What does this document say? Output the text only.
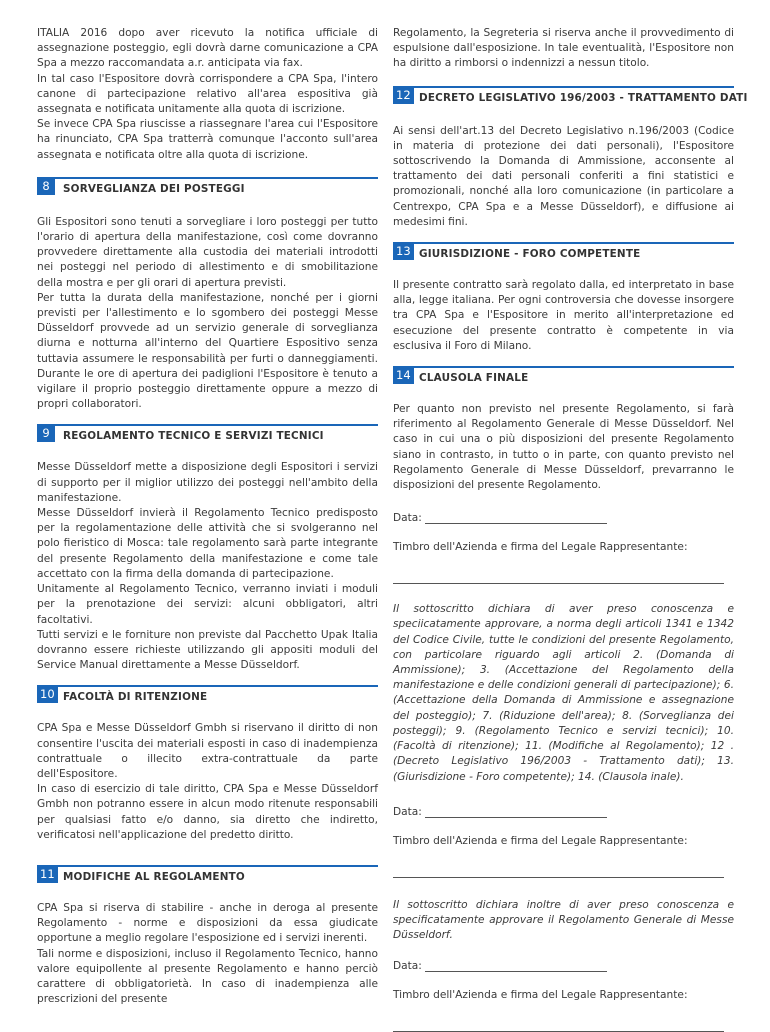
ITALIA 2016 dopo aver ricevuto la notifica ufficiale di assegnazione posteggio, egli dovrà darne comunicazione a CPA Spa a mezzo raccomandata a.r. anticipata via fax.

In tal caso l'Espositore dovrà corrispondere a CPA Spa, l'intero canone di partecipazione relativo all'area espositiva già assegnata e notificata unitamente alla quota di iscrizione.

Se invece CPA Spa riuscisse a riassegnare l'area cui l'Espositore ha rinunciato, CPA Spa tratterrà comunque l'acconto sull'area assegnata e notificata oltre alla quota di iscrizione.

8	SORVEGLIANZA DEI POSTEGGI

Gli Espositori sono tenuti a sorvegliare i loro posteggi per tutto l'orario di apertura della manifestazione, così come dovranno provvedere direttamente alla custodia dei materiali introdotti nei posteggi nel periodo di allestimento e di smobilitazione della mostra e per gli orari di apertura previsti.

Per tutta la durata della manifestazione, nonché per i giorni previsti per l'allestimento e lo sgombero dei posteggi Messe Düsseldorf provvede ad un servizio generale di sorveglianza diurna e notturna all'interno del Quartiere Espositivo senza tuttavia assumere le responsabilità per furti o danneggiamenti. Durante le ore di apertura dei padiglioni l'Espositore è tenuto a vigilare il proprio posteggio direttamente oppure a mezzo di propri collaboratori.

9	REGOLAMENTO TECNICO E SERVIZI TECNICI

Messe Düsseldorf mette a disposizione degli Espositori i servizi di supporto per il miglior utilizzo dei posteggi nell'ambito della manifestazione.

Messe Düsseldorf invierà il Regolamento Tecnico predisposto per la regolamentazione delle attività che si svolgeranno nel polo fieristico di Mosca: tale regolamento sarà parte integrante del presente Regolamento della manifestazione e come tale accettato con la firma della domanda di partecipazione.

Unitamente al Regolamento Tecnico, verranno inviati i moduli per la prenotazione dei servizi: alcuni obbligatori, altri facoltativi.

Tutti servizi e le forniture non previste dal Pacchetto Upak Italia dovranno essere richieste utilizzando gli appositi moduli del Service Manual direttamente a Messe Düsseldorf.

10 FACOLTÀ DI RITENZIONE

CPA Spa e Messe Düsseldorf Gmbh si riservano il diritto di non consentire l'uscita dei materiali esposti in caso di inadempienza contrattuale o illecito extra-contrattuale da parte dell'Espositore.

In caso di esercizio di tale diritto, CPA Spa e Messe Düsseldorf Gmbh non potranno essere in alcun modo ritenute responsabili per qualsiasi fatto e/o danno, sia diretto che indiretto, verificatosi nell'applicazione del predetto diritto.

11 MODIFICHE AL REGOLAMENTO

CPA Spa si riserva di stabilire - anche in deroga al presente Regolamento - norme e disposizioni da essa giudicate opportune a meglio regolare l'esposizione ed i servizi inerenti.

Tali norme e disposizioni, incluso il Regolamento Tecnico, hanno valore equipollente al presente Regolamento e hanno perciò carattere di obbligatorietà. In caso di inadempienza alle prescrizioni del presente

Regolamento, la Segreteria si riserva anche il provvedimento di espulsione dall'esposizione. In tale eventualità, l'Espositore non ha diritto a rimborsi o indennizzi a nessun titolo.

12 DECRETO LEGISLATIVO 196/2003 - TRATTAMENTO DATI

Ai sensi dell'art.13 del Decreto Legislativo n.196/2003 (Codice in materia di protezione dei dati personali), l'Espositore sottoscrivendo la Domanda di Ammissione, acconsente al trattamento dei dati personali conferiti a fini statistici e promozionali, nonché alla loro comunicazione (in particolare a Centrexpo, CPA Spa e a Messe Düsseldorf), e diffusione ai medesimi fini.

13 GIURISDIZIONE - FORO COMPETENTE

Il presente contratto sarà regolato dalla, ed interpretato in base alla, legge italiana. Per ogni controversia che dovesse insorgere tra CPA Spa e l'Espositore in merito all'interpretazione ed esecuzione del presente contratto è competente in via esclusiva il Foro di Milano.

14 CLAUSOLA FINALE

Per quanto non previsto nel presente Regolamento, si farà riferimento al Regolamento Generale di Messe Düsseldorf. Nel caso in cui una o più disposizioni del presente Regolamento siano in contrasto, in tutto o in parte, con quanto previsto nel Regolamento Generale di Messe Düsseldorf, prevarranno le disposizioni del presente Regolamento.

Data:
Timbro dell'Azienda e firma del Legale Rappresentante:

Il sottoscritto dichiara di aver preso conoscenza e speciicatamente approvare, a norma degli articoli 1341 e 1342 del Codice Civile, tutte le condizioni del presente Regolamento, con particolare riguardo agli articoli 2. (Domanda di Ammissione); 3. (Accettazione del Regolamento della manifestazione e delle condizioni generali di partecipazione); 6. (Accettazione della Domanda di Ammissione e assegnazione del posteggio); 7. (Riduzione dell'area); 8. (Sorveglianza dei posteggi); 9. (Regolamento Tecnico e servizi tecnici); 10. (Facoltà di ritenzione); 11. (Modifiche al Regolamento); 12 . (Decreto Legislativo 196/2003 - Trattamento dati); 13. (Giurisdizione - Foro competente); 14. (Clausola inale).

Data:
Timbro dell'Azienda e firma del Legale Rappresentante:

Il sottoscritto dichiara inoltre di aver preso conoscenza e specificatamente approvare il Regolamento Generale di Messe Düsseldorf.

Data:
Timbro dell'Azienda e firma del Legale Rappresentante:
